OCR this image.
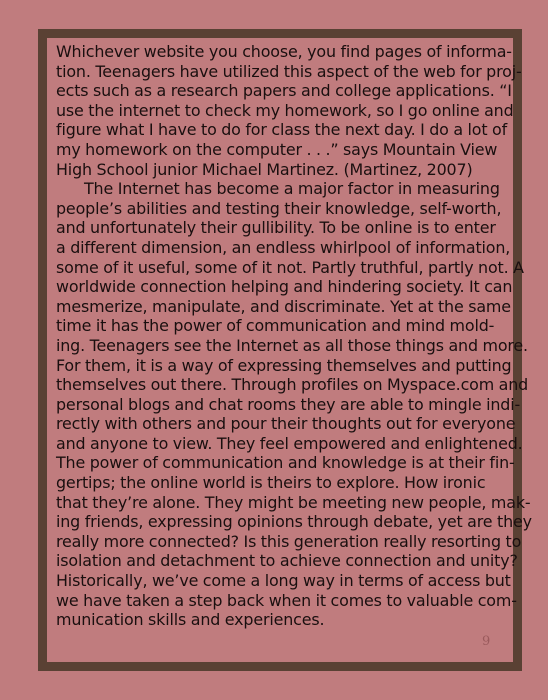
Whichever website you choose, you find pages of informa-
tion. Teenagers have utilized this aspect of the web for proj-
ects such as a research papers and college applications. “I
use the internet to check my homework, so I go online and
figure what I have to do for class the next day. I do a lot of
my homework on the computer . . .” says Mountain View
High School junior Michael Martinez. (Martinez, 2007)
The Internet has become a major factor in measuring
people’s abilities and testing their knowledge, self-worth,
and unfortunately their gullibility. To be online is to enter
a different dimension, an endless whirlpool of information,
some of it useful, some of it not. Partly truthful, partly not. A
worldwide connection helping and hindering society. It can
mesmerize, manipulate, and discriminate. Yet at the same
time it has the power of communication and mind mold-
ing. Teenagers see the Internet as all those things and more.
For them, it is a way of expressing themselves and putting
themselves out there. Through profiles on Myspace.com and
personal blogs and chat rooms they are able to mingle indi-
rectly with others and pour their thoughts out for everyone
and anyone to view. They feel empowered and enlightened.
The power of communication and knowledge is at their fin-
gertips; the online world is theirs to explore. How ironic
that they’re alone. They might be meeting new people, mak-
ing friends, expressing opinions through debate, yet are they
really more connected? Is this generation really resorting to
isolation and detachment to achieve connection and unity?
Historically, we’ve come a long way in terms of access but
we have taken a step back when it comes to valuable com-
munication skills and experiences.
9
